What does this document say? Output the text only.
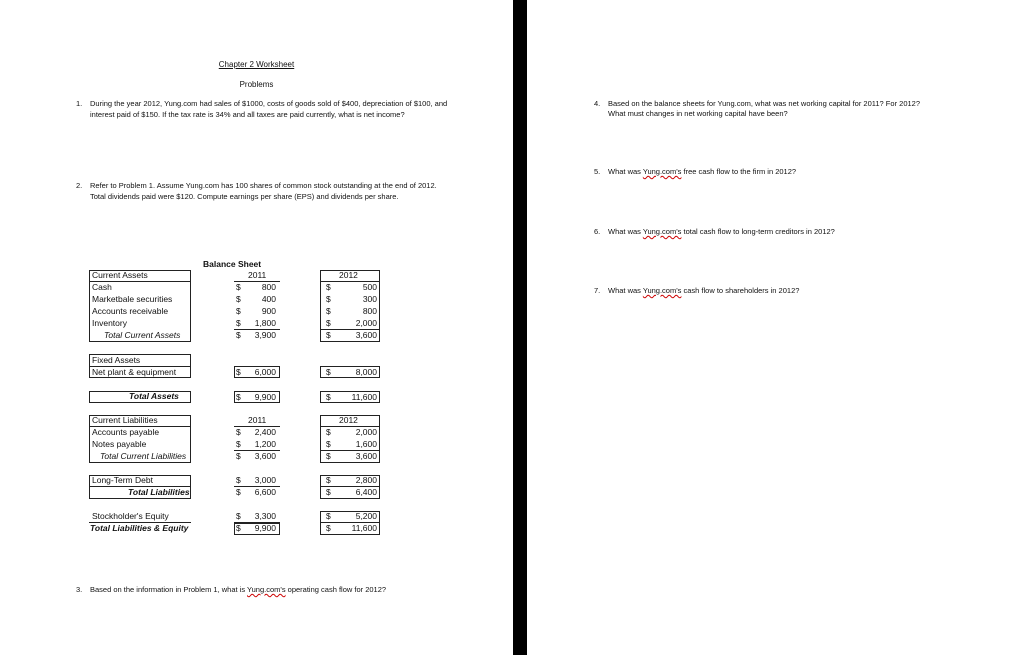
Chapter 2 Worksheet
Problems
1. During the year 2012, Yung.com had sales of $1000, costs of goods sold of $400, depreciation of $100, and interest paid of $150. If the tax rate is 34% and all taxes are paid currently, what is net income?
2. Refer to Problem 1. Assume Yung.com has 100 shares of common stock outstanding at the end of 2012. Total dividends paid were $120. Compute earnings per share (EPS) and dividends per share.
Balance Sheet
Current Assets	2011	2012
Cash	$	800	$	500
Marketbale securities	$	400	$	300
Accounts receivable	$	900	$	800
Inventory	$	1,800	$	2,000
Total Current Assets	$	3,900	$	3,600
Fixed Assets
Net plant & equipment	$	6,000	$	8,000
Total Assets	$	9,900	$	11,600
Current Liabilities	2011	2012
Accounts payable	$	2,400	$	2,000
Notes payable	$	1,200	$	1,600
Total Current Liabilities	$	3,600	$	3,600
Long-Term Debt	$	3,000	$	2,800
Total Liabilities	$	6,600	$	6,400
Stockholder's Equity	$	3,300	$	5,200
Total Liabilities & Equity	$	9,900	$	11,600
3. Based on the information in Problem 1, what is Yung.com's operating cash flow for 2012?
4. Based on the balance sheets for Yung.com, what was net working capital for 2011? For 2012?
What must changes in net working capital have been?
5. What was Yung.com's free cash flow to the firm in 2012?
6. What was Yung.com's total cash flow to long-term creditors in 2012?
7. What was Yung.com's cash flow to shareholders in 2012?
